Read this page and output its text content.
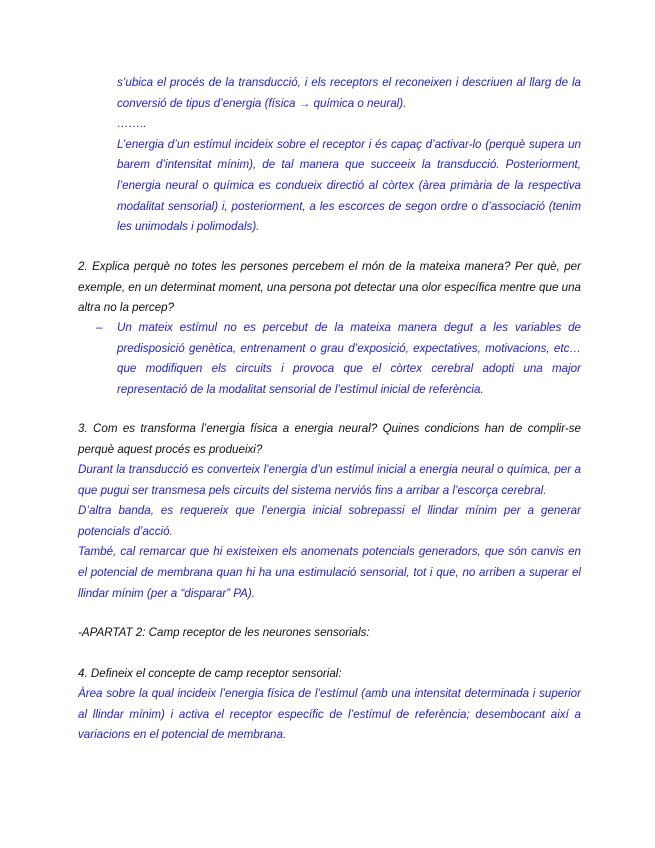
s’ubica el procés de la transducció, i els receptors el reconeixen i descriuen al llarg de la conversió de tipus d’energia (física → química o neural).

……..

L’energia d’un estímul incideix sobre el receptor i és capaç d’activar-lo (perquè supera un barem d’intensitat mínim), de tal manera que succeeix la transducció. Posteriorment, l’energia neural o química es condueix directió al còrtex (àrea primària de la respectiva modalitat sensorial) i, posteriorment, a les escorces de segon ordre o d’associació (tenim les unimodals i polimodals).

2. Explica perquè no totes les persones percebem el món de la mateixa manera? Per què, per exemple, en un determinat moment, una persona pot detectar una olor específica mentre que una altra no la percep?

– Un mateix estímul no es percebut de la mateixa manera degut a les variables de predisposició genètica, entrenament o grau d’exposició, expectatives, motivacions, etc… que modifiquen els circuits i provoca que el còrtex cerebral adopti una major representació de la modalitat sensorial de l’estímul inicial de referència.

3. Com es transforma l’energia física a energia neural? Quines condicions han de complir-se perquè aquest procés es produeixi?

Durant la transducció es converteix l’energia d’un estímul inicial a energia neural o química, per a que pugui ser transmesa pels circuits del sistema nerviós fins a arribar a l’escorça cerebral.

D’altra banda, es requereix que l’energia inicial sobrepassi el llindar mínim per a generar potencials d’acció.

També, cal remarcar que hi existeixen els anomenats potencials generadors, que són canvis en el potencial de membrana quan hi ha una estimulació sensorial, tot i que, no arriben a superar el llindar mínim (per a “disparar” PA).

-APARTAT 2: Camp receptor de les neurones sensorials:

4. Defineix el concepte de camp receptor sensorial:

Àrea sobre la qual incideix l’energia física de l’estímul (amb una intensitat determinada i superior al llindar mínim) i activa el receptor específic de l’estímul de referència; desembocant així a variacions en el potencial de membrana.
